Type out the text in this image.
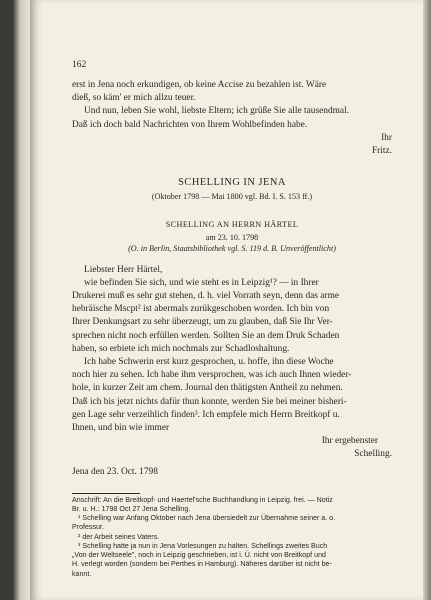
162

erst in Jena noch erkundigen, ob keine Accise zu bezahlen ist. Wäre

dieß, so käm' er mich allzu teuer.

Und nun, leben Sie wohl, liebste Eltern; ich grüße Sie alle tausendmal.

Daß ich doch bald Nachrichten von Ihrem Wohlbefinden habe.

Ihr

Fritz.

SCHELLING IN JENA

(Oktober 1798 — Mai 1800 vgl. Bd. I. S. 153 ff.)

SCHELLING AN HERRN HÄRTEL

am 23. 10. 1798

(O. in Berlin, Staatsbibliothek vgl. S. 119 d. B. Unveröffentlicht)

Liebster Herr Härtel,

wie befinden Sie sich, und wie steht es in Leipzig¹? — in Ihrer

Drukerei muß es sehr gut stehen, d. h. viel Vorrath seyn, denn das arme

hebräische Mscpt² ist abermals zurükgeschoben worden. Ich bin von

Ihrer Denkungsart zu sehr überzeugt, um zu glauben, daß Sie Ihr Ver-

sprechen nicht noch erfüllen werden. Sollten Sie an dem Druk Schaden

haben, so erbiete ich mich nochmals zur Schadloshaltung.

Ich habe Schwerin erst kurz gesprochen, u. hoffe, ihn diese Woche

noch hier zu sehen. Ich habe ihm versprochen, was ich auch Ihnen wieder-

hole, in kurzer Zeit am chem. Journal den thätigsten Antheil zu nehmen.

Daß ich bis jetzt nichts dafür thun konnte, werden Sie bei meiner bisheri-

gen Lage sehr verzeihlich finden³. Ich empfele mich Herrn Breitkopf u.

Ihnen, und bin wie immer

Ihr ergebenster

Schelling.

Jena den 23. Oct. 1798

Anschrift: An die Breitkopf- und Haertel'sche Buchhandlung in Leipzig. frei. — Notiz

Br. u. H.: 1798 Oct 27 Jena Schelling.

¹ Schelling war Anfang Oktober nach Jena übersiedelt zur Übernahme seiner a. o.

Professur.

² der Arbeit seines Vaters.

³ Schelling hatte ja nun in Jena Vorlesungen zu halten. Schellings zweites Buch

„Von der Weltseele", noch in Leipzig geschrieben, ist i. Ü. nicht von Breitkopf und

H. verlegt worden (sondern bei Perthes in Hamburg). Näheres darüber ist nicht be-

kannt.
